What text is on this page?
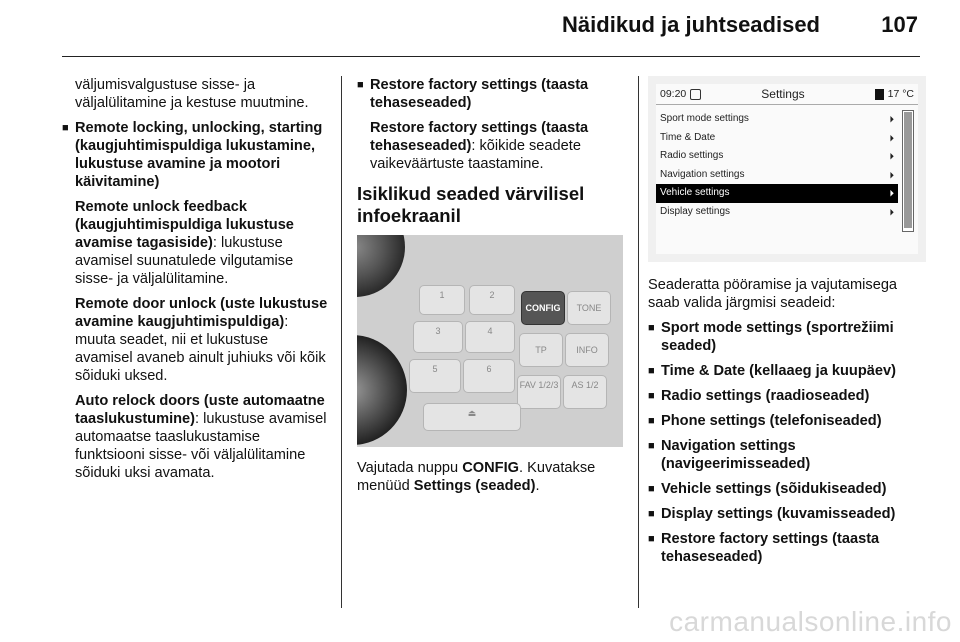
Näidikud ja juhtseadised	107

väljumisvalgustuse sisse- ja väljalülitamine ja kestuse muutmine.

■ Remote locking, unlocking, starting (kaugjuhtimispuldiga lukustamine, lukustuse avamine ja mootori käivitamine)

Remote unlock feedback (kaugjuhtimispuldiga lukustuse avamise tagasiside): lukustuse avamisel suunatulede vilgutamise sisse- ja väljalülitamine.

Remote door unlock (uste lukustuse avamine kaugjuhtimispuldiga): muuta seadet, nii et lukustuse avamisel avaneb ainult juhiuks või kõik sõiduki uksed.

Auto relock doors (uste automaatne taaslukustumine): lukustuse avamisel automaatse taaslukustamise funktsiooni sisse- või väljalülitamine sõiduki uksi avamata.

■ Restore factory settings (taasta tehaseseaded)

Restore factory settings (taasta tehaseseaded): kõikide seadete vaikeväärtuste taastamine.

Isiklikud seaded värvilisel infoekraanil
1	2
CONFIG	TONE
3	4
TP	INFO
5	6
FAV 1/2/3	AS 1/2
⏏

Vajutada nuppu CONFIG. Kuvatakse menüüd Settings (seaded).

09:20	Settings	17 °C
Sport mode settings	⏵
Time & Date	⏵
Radio settings	⏵
Navigation settings	⏵
Vehicle settings	⏵
Display settings	⏵

Seaderatta pööramise ja vajutamisega saab valida järgmisi seadeid:

■ Sport mode settings (sportrežiimi seaded)
■ Time & Date (kellaaeg ja kuupäev)
■ Radio settings (raadioseaded)
■ Phone settings (telefoniseaded)
■ Navigation settings (navigeerimisseaded)
■ Vehicle settings (sõidukiseaded)
■ Display settings (kuvamisseaded)
■ Restore factory settings (taasta tehaseseaded)
carmanualsonline.info
